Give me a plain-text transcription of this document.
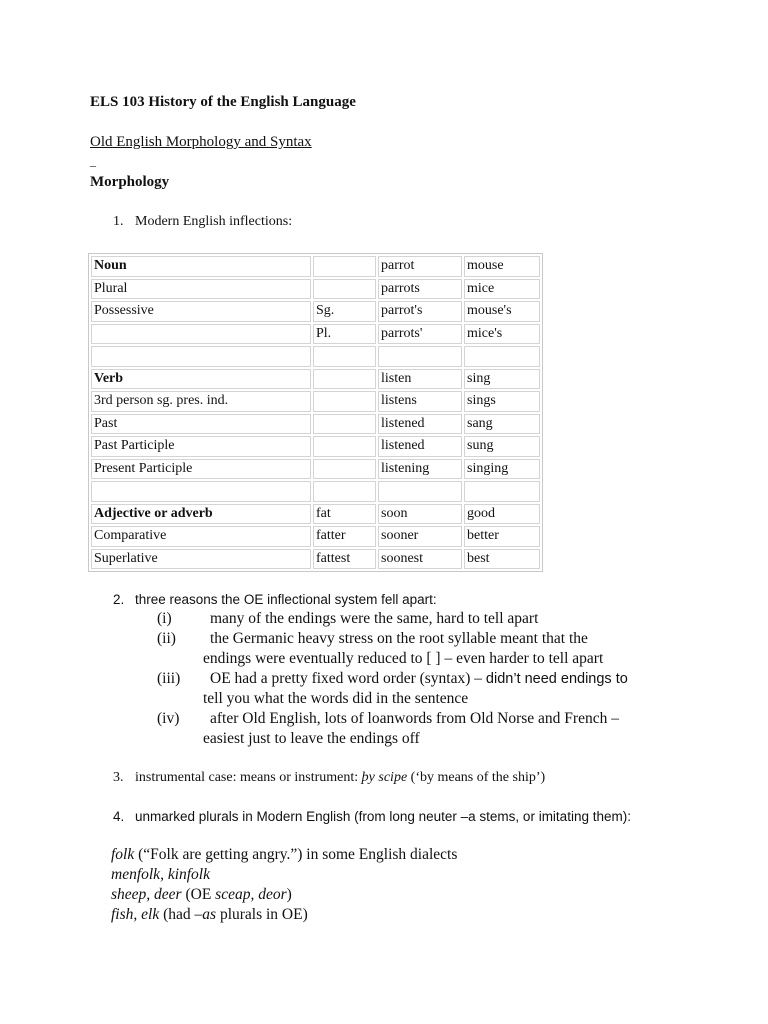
ELS 103 History of the English Language
Old English Morphology and Syntax
_
Morphology
1. Modern English inflections:
Noun		parrot	mouse
Plural		parrots	mice
Possessive	Sg.	parrot's	mouse's
	Pl.	parrots'	mice's

Verb		listen	sing
3rd person sg. pres. ind.		listens	sings
Past		listened	sang
Past Participle		listened	sung
Present Participle		listening	singing

Adjective or adverb	fat	soon	good
Comparative	fatter	sooner	better
Superlative	fattest	soonest	best
2. three reasons the OE inflectional system fell apart:
(i) many of the endings were the same, hard to tell apart
(ii) the Germanic heavy stress on the root syllable meant that the
endings were eventually reduced to [ ] – even harder to tell apart
(iii) OE had a pretty fixed word order (syntax) – didn’t need endings to
tell you what the words did in the sentence
(iv) after Old English, lots of loanwords from Old Norse and French –
easiest just to leave the endings off
3. instrumental case: means or instrument: þy scipe (‘by means of the ship’)
4. unmarked plurals in Modern English (from long neuter –a stems, or imitating them):
folk (“Folk are getting angry.”) in some English dialects
menfolk, kinfolk
sheep, deer (OE sceap, deor)
fish, elk (had –as plurals in OE)
